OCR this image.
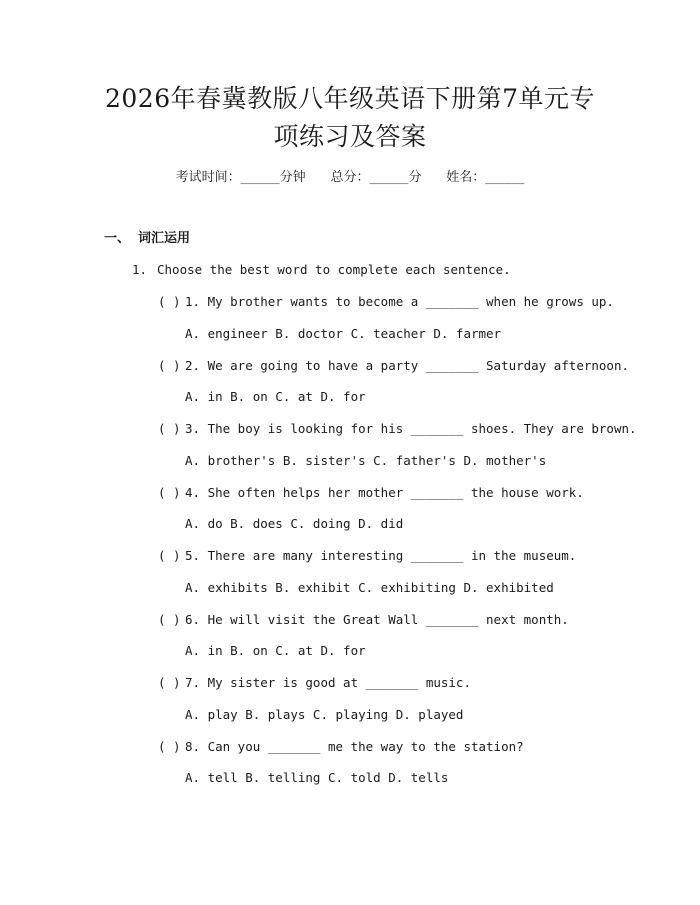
2026年春冀教版八年级英语下册第7单元专
项练习及答案
考试时间：______分钟 总分：______分 姓名：______
一、 词汇运用
1. Choose the best word to complete each sentence.
( ) 1. My brother wants to become a _______ when he grows up.
A. engineer B. doctor C. teacher D. farmer
( ) 2. We are going to have a party _______ Saturday afternoon.
A. in B. on C. at D. for
( ) 3. The boy is looking for his _______ shoes. They are brown.
A. brother's B. sister's C. father's D. mother's
( ) 4. She often helps her mother _______ the house work.
A. do B. does C. doing D. did
( ) 5. There are many interesting _______ in the museum.
A. exhibits B. exhibit C. exhibiting D. exhibited
( ) 6. He will visit the Great Wall _______ next month.
A. in B. on C. at D. for
( ) 7. My sister is good at _______ music.
A. play B. plays C. playing D. played
( ) 8. Can you _______ me the way to the station?
A. tell B. telling C. told D. tells
